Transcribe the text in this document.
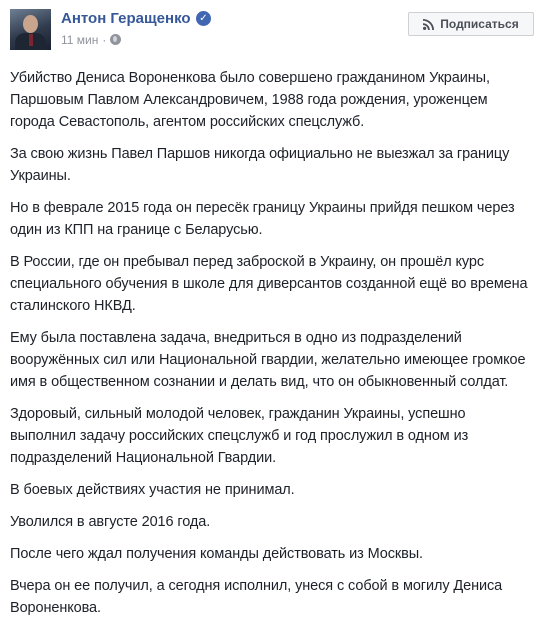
Антон Геращенко ✓
11 мин ·
Подписаться

Убийство Дениса Вороненкова было совершено гражданином Украины, Паршовым Павлом Александровичем, 1988 года рождения, уроженцем города Севастополь, агентом российских спецслужб.

За свою жизнь Павел Паршов никогда официально не выезжал за границу Украины.

Но в феврале 2015 года он пересёк границу Украины прийдя пешком через один из КПП на границе с Беларусью.

В России, где он пребывал перед заброской в Украину, он прошёл курс специального обучения в школе для диверсантов созданной ещё во времена сталинского НКВД.

Ему была поставлена задача, внедриться в одно из подразделений вооружённых сил или Национальной гвардии, желательно имеющее громкое имя в общественном сознании и делать вид, что он обыкновенный солдат.

Здоровый, сильный молодой человек, гражданин Украины, успешно выполнил задачу российских спецслужб и год прослужил в одном из подразделений Национальной Гвардии.

В боевых действиях участия не принимал.

Уволился в августе 2016 года.

После чего ждал получения команды действовать из Москвы.

Вчера он ее получил, а сегодня исполнил, унеся с собой в могилу Дениса Вороненкова.
